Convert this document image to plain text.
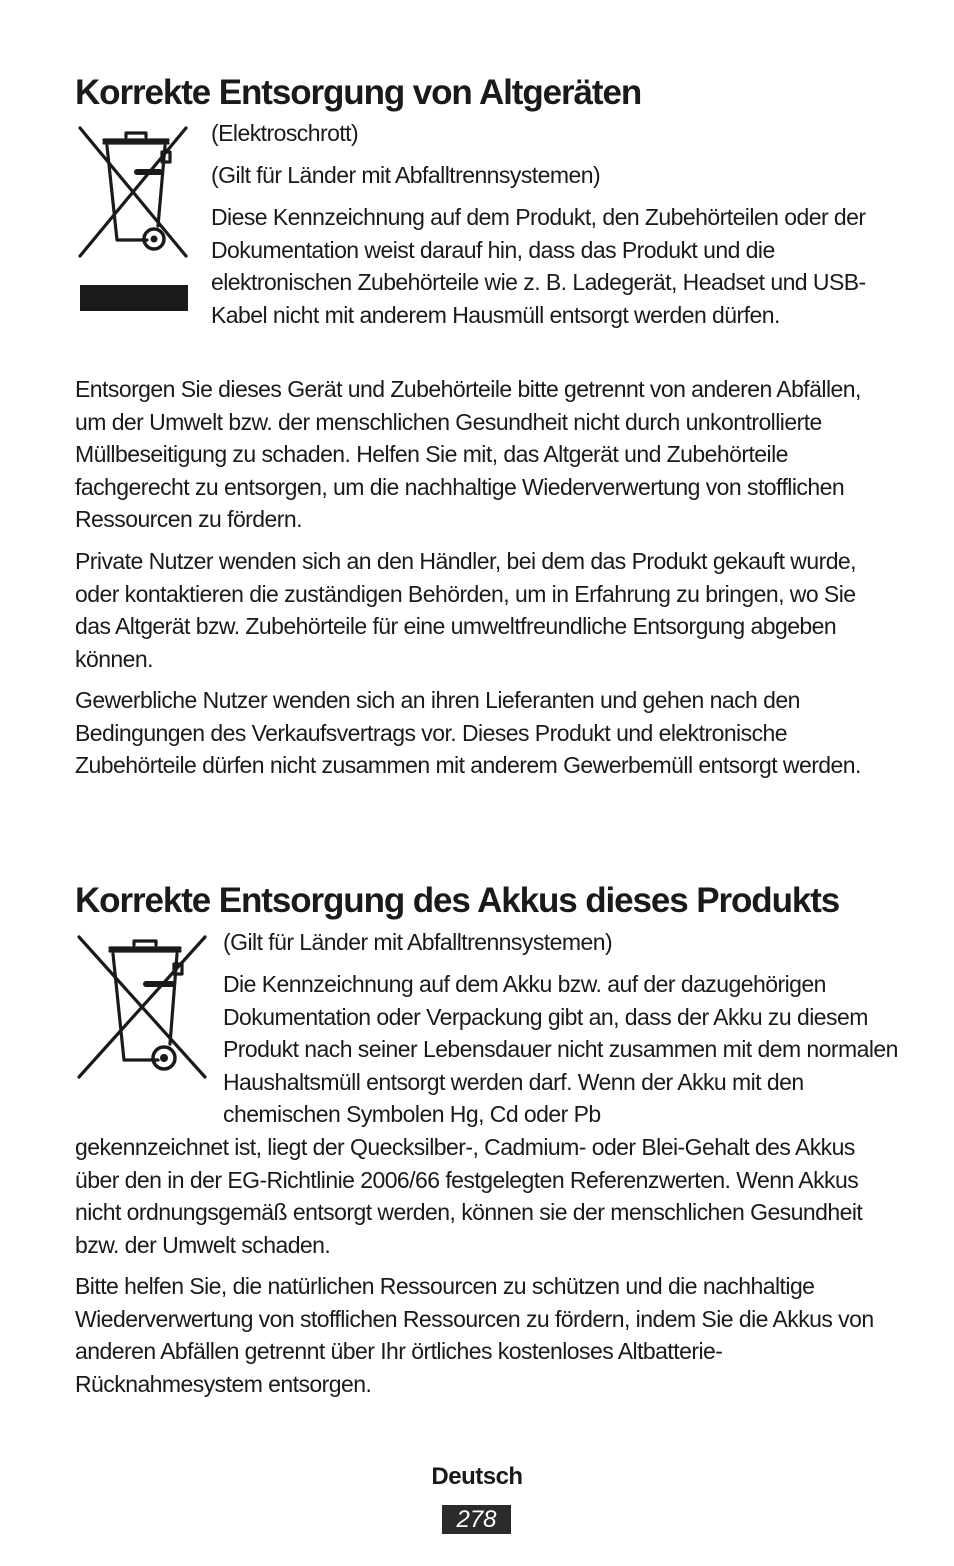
Korrekte Entsorgung von Altgeräten
(Elektroschrott)
(Gilt für Länder mit Abfalltrennsystemen)
Diese Kennzeichnung auf dem Produkt, den Zubehörteilen oder der Dokumentation weist darauf hin, dass das Produkt und die elektronischen Zubehörteile wie z. B. Ladegerät, Headset und USB-Kabel nicht mit anderem Hausmüll entsorgt werden dürfen.
Entsorgen Sie dieses Gerät und Zubehörteile bitte getrennt von anderen Abfällen, um der Umwelt bzw. der menschlichen Gesundheit nicht durch unkontrollierte Müllbeseitigung zu schaden. Helfen Sie mit, das Altgerät und Zubehörteile fachgerecht zu entsorgen, um die nachhaltige Wiederverwertung von stofflichen Ressourcen zu fördern.
Private Nutzer wenden sich an den Händler, bei dem das Produkt gekauft wurde, oder kontaktieren die zuständigen Behörden, um in Erfahrung zu bringen, wo Sie das Altgerät bzw. Zubehörteile für eine umweltfreundliche Entsorgung abgeben können.
Gewerbliche Nutzer wenden sich an ihren Lieferanten und gehen nach den Bedingungen des Verkaufsvertrags vor. Dieses Produkt und elektronische Zubehörteile dürfen nicht zusammen mit anderem Gewerbemüll entsorgt werden.
Korrekte Entsorgung des Akkus dieses Produkts
(Gilt für Länder mit Abfalltrennsystemen)
Die Kennzeichnung auf dem Akku bzw. auf der dazugehörigen Dokumentation oder Verpackung gibt an, dass der Akku zu diesem Produkt nach seiner Lebensdauer nicht zusammen mit dem normalen Haushaltsmüll entsorgt werden darf. Wenn der Akku mit den chemischen Symbolen Hg, Cd oder Pb
gekennzeichnet ist, liegt der Quecksilber-, Cadmium- oder Blei-Gehalt des Akkus über den in der EG-Richtlinie 2006/66 festgelegten Referenzwerten. Wenn Akkus nicht ordnungsgemäß entsorgt werden, können sie der menschlichen Gesundheit bzw. der Umwelt schaden.
Bitte helfen Sie, die natürlichen Ressourcen zu schützen und die nachhaltige Wiederverwertung von stofflichen Ressourcen zu fördern, indem Sie die Akkus von anderen Abfällen getrennt über Ihr örtliches kostenloses Altbatterie-Rücknahmesystem entsorgen.
Deutsch
278
